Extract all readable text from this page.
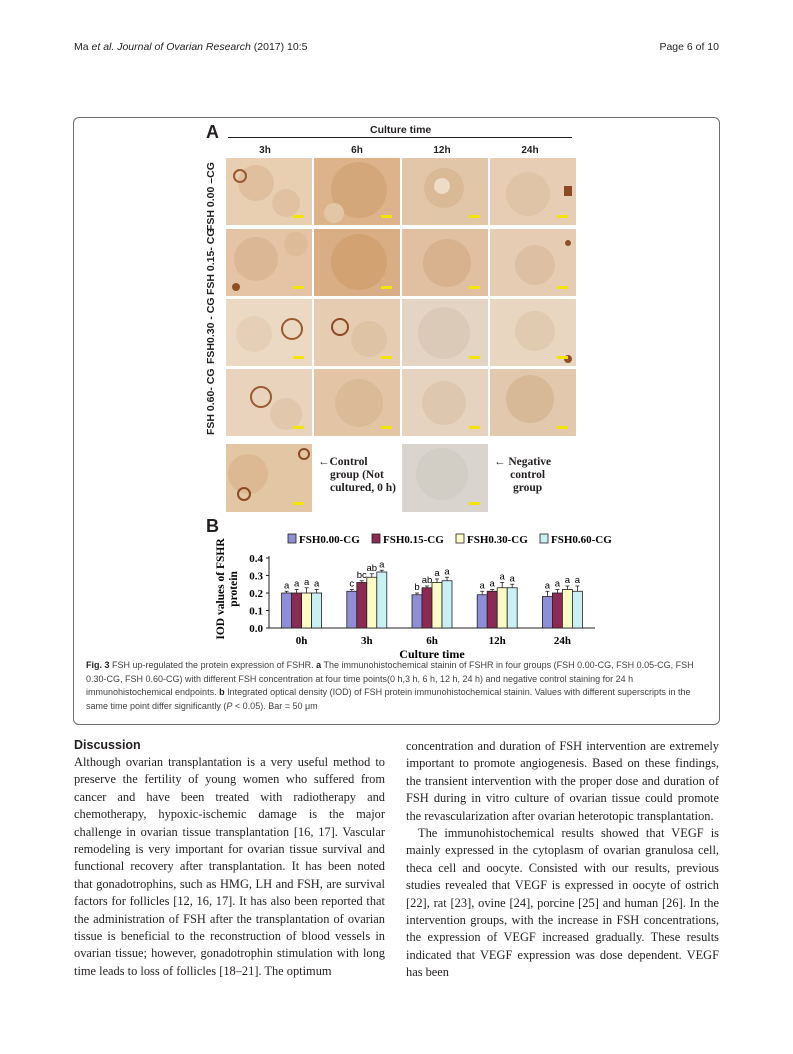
Ma et al. Journal of Ovarian Research (2017) 10:5	Page 6 of 10
A	Culture time
3h	6h	12h	24h
FSH 0.00 –CG
FSH 0.15- CG
FSH0.30 - CG
FSH 0.60- CG
←Control
group (Not
cultured, 0 h)
← Negative
control
group
B
0.0
0.1
0.2
0.3
0.4
IOD values of FSHRprotein
FSH0.00-CG FSH0.15-CG FSH0.30-CG FSH0.60-CG
a a a a
0h
c
bc
ab a
3h
b
ab
a a
6h
a a
a a
12h
a a a a
24h
Culture time
Fig. 3 FSH up-regulated the protein expression of FSHR. a The immunohistochemical stainin of FSHR in four groups (FSH 0.00-CG, FSH 0.05-CG, FSH 0.30-CG, FSH 0.60-CG) with different FSH concentration at four time points(0 h,3 h, 6 h, 12 h, 24 h) and negative control staining for 24 h immunohistochemical endpoints. b Integrated optical density (IOD) of FSH protein immunohistochemical stainin. Values with different superscripts in the same time point differ significantly (P < 0.05). Bar = 50 μm
Discussion

Although ovarian transplantation is a very useful method to preserve the fertility of young women who suffered from cancer and have been treated with radiotherapy and chemotherapy, hypoxic-ischemic damage is the major challenge in ovarian tissue transplantation [16, 17]. Vascular remodeling is very important for ovarian tissue survival and functional recovery after transplantation. It has been noted that gonadotrophins, such as HMG, LH and FSH, are survival factors for follicles [12, 16, 17]. It has also been reported that the administration of FSH after the transplantation of ovarian tissue is beneficial to the reconstruction of blood vessels in ovarian tissue; however, gonadotrophin stimulation with long time leads to loss of follicles [18–21]. The optimum

concentration and duration of FSH intervention are extremely important to promote angiogenesis. Based on these findings, the transient intervention with the proper dose and duration of FSH during in vitro culture of ovarian tissue could promote the revascularization after ovarian heterotopic transplantation.

The immunohistochemical results showed that VEGF is mainly expressed in the cytoplasm of ovarian granulosa cell, theca cell and oocyte. Consisted with our results, previous studies revealed that VEGF is expressed in oocyte of ostrich [22], rat [23], ovine [24], porcine [25] and human [26]. In the intervention groups, with the increase in FSH concentrations, the expression of VEGF increased gradually. These results indicated that VEGF expression was dose dependent. VEGF has been
